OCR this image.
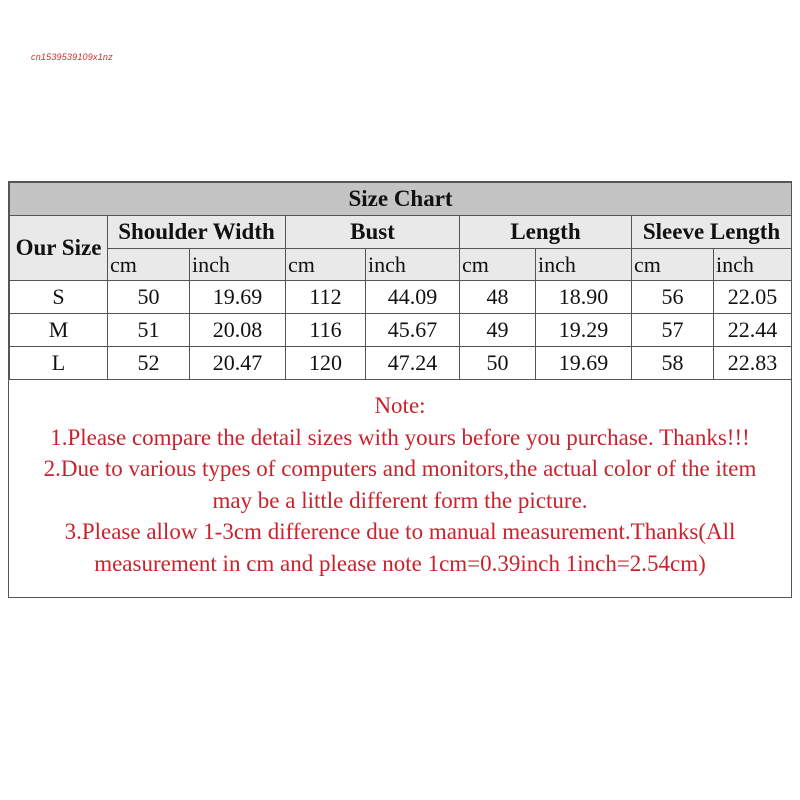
cn1539539109x1nz
Size Chart								
Our Size	Shoulder Width		Bust		Length		Sleeve Length	
	cm	inch	cm	inch	cm	inch	cm	inch
S	50	19.69	112	44.09	48	18.90	56	22.05
M	51	20.08	116	45.67	49	19.29	57	22.44
L	52	20.47	120	47.24	50	19.69	58	22.83
Note:
1.Please compare the detail sizes with yours before you purchase. Thanks!!!
2.Due to various types of computers and monitors,the actual color of the item
may be a little different form the picture.
3.Please allow 1-3cm difference due to manual measurement.Thanks(All
measurement in cm and please note 1cm=0.39inch 1inch=2.54cm)
